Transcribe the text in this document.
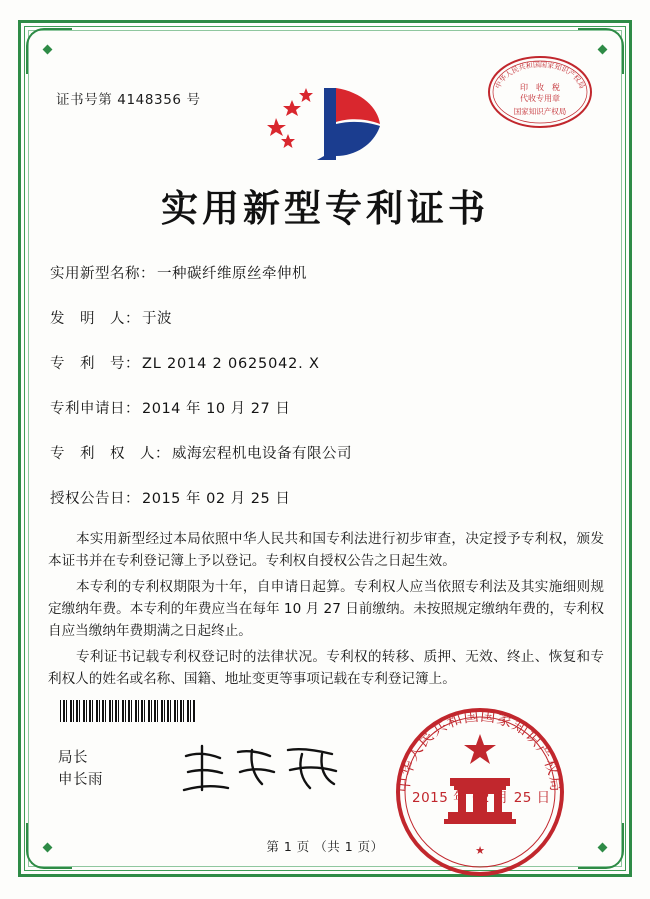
证书号第 4148356 号
中华人民共和国国家知识产权局
印　收　税
代收专用章
国家知识产权局
实用新型专利证书
实用新型名称： 一种碳纤维原丝牵伸机
发　明　人： 于波
专　利　号： ZL 2014 2 0625042. X
专利申请日： 2014 年 10 月 27 日
专　利　权　人： 威海宏程机电设备有限公司
授权公告日： 2015 年 02 月 25 日

本实用新型经过本局依照中华人民共和国专利法进行初步审查，决定授予专利权，颁发本证书并在专利登记簿上予以登记。专利权自授权公告之日起生效。

本专利的专利权期限为十年，自申请日起算。专利权人应当依照专利法及其实施细则规定缴纳年费。本专利的年费应当在每年 10 月 27 日前缴纳。未按照规定缴纳年费的，专利权自应当缴纳年费期满之日起终止。

专利证书记载专利权登记时的法律状况。专利权的转移、质押、无效、终止、恢复和专利权人的姓名或名称、国籍、地址变更等事项记载在专利登记簿上。

局长
申长雨	中华人民共和国国家知识产权局
★
2015 年 02 月 25 日
第 1 页 （共 1 页）
